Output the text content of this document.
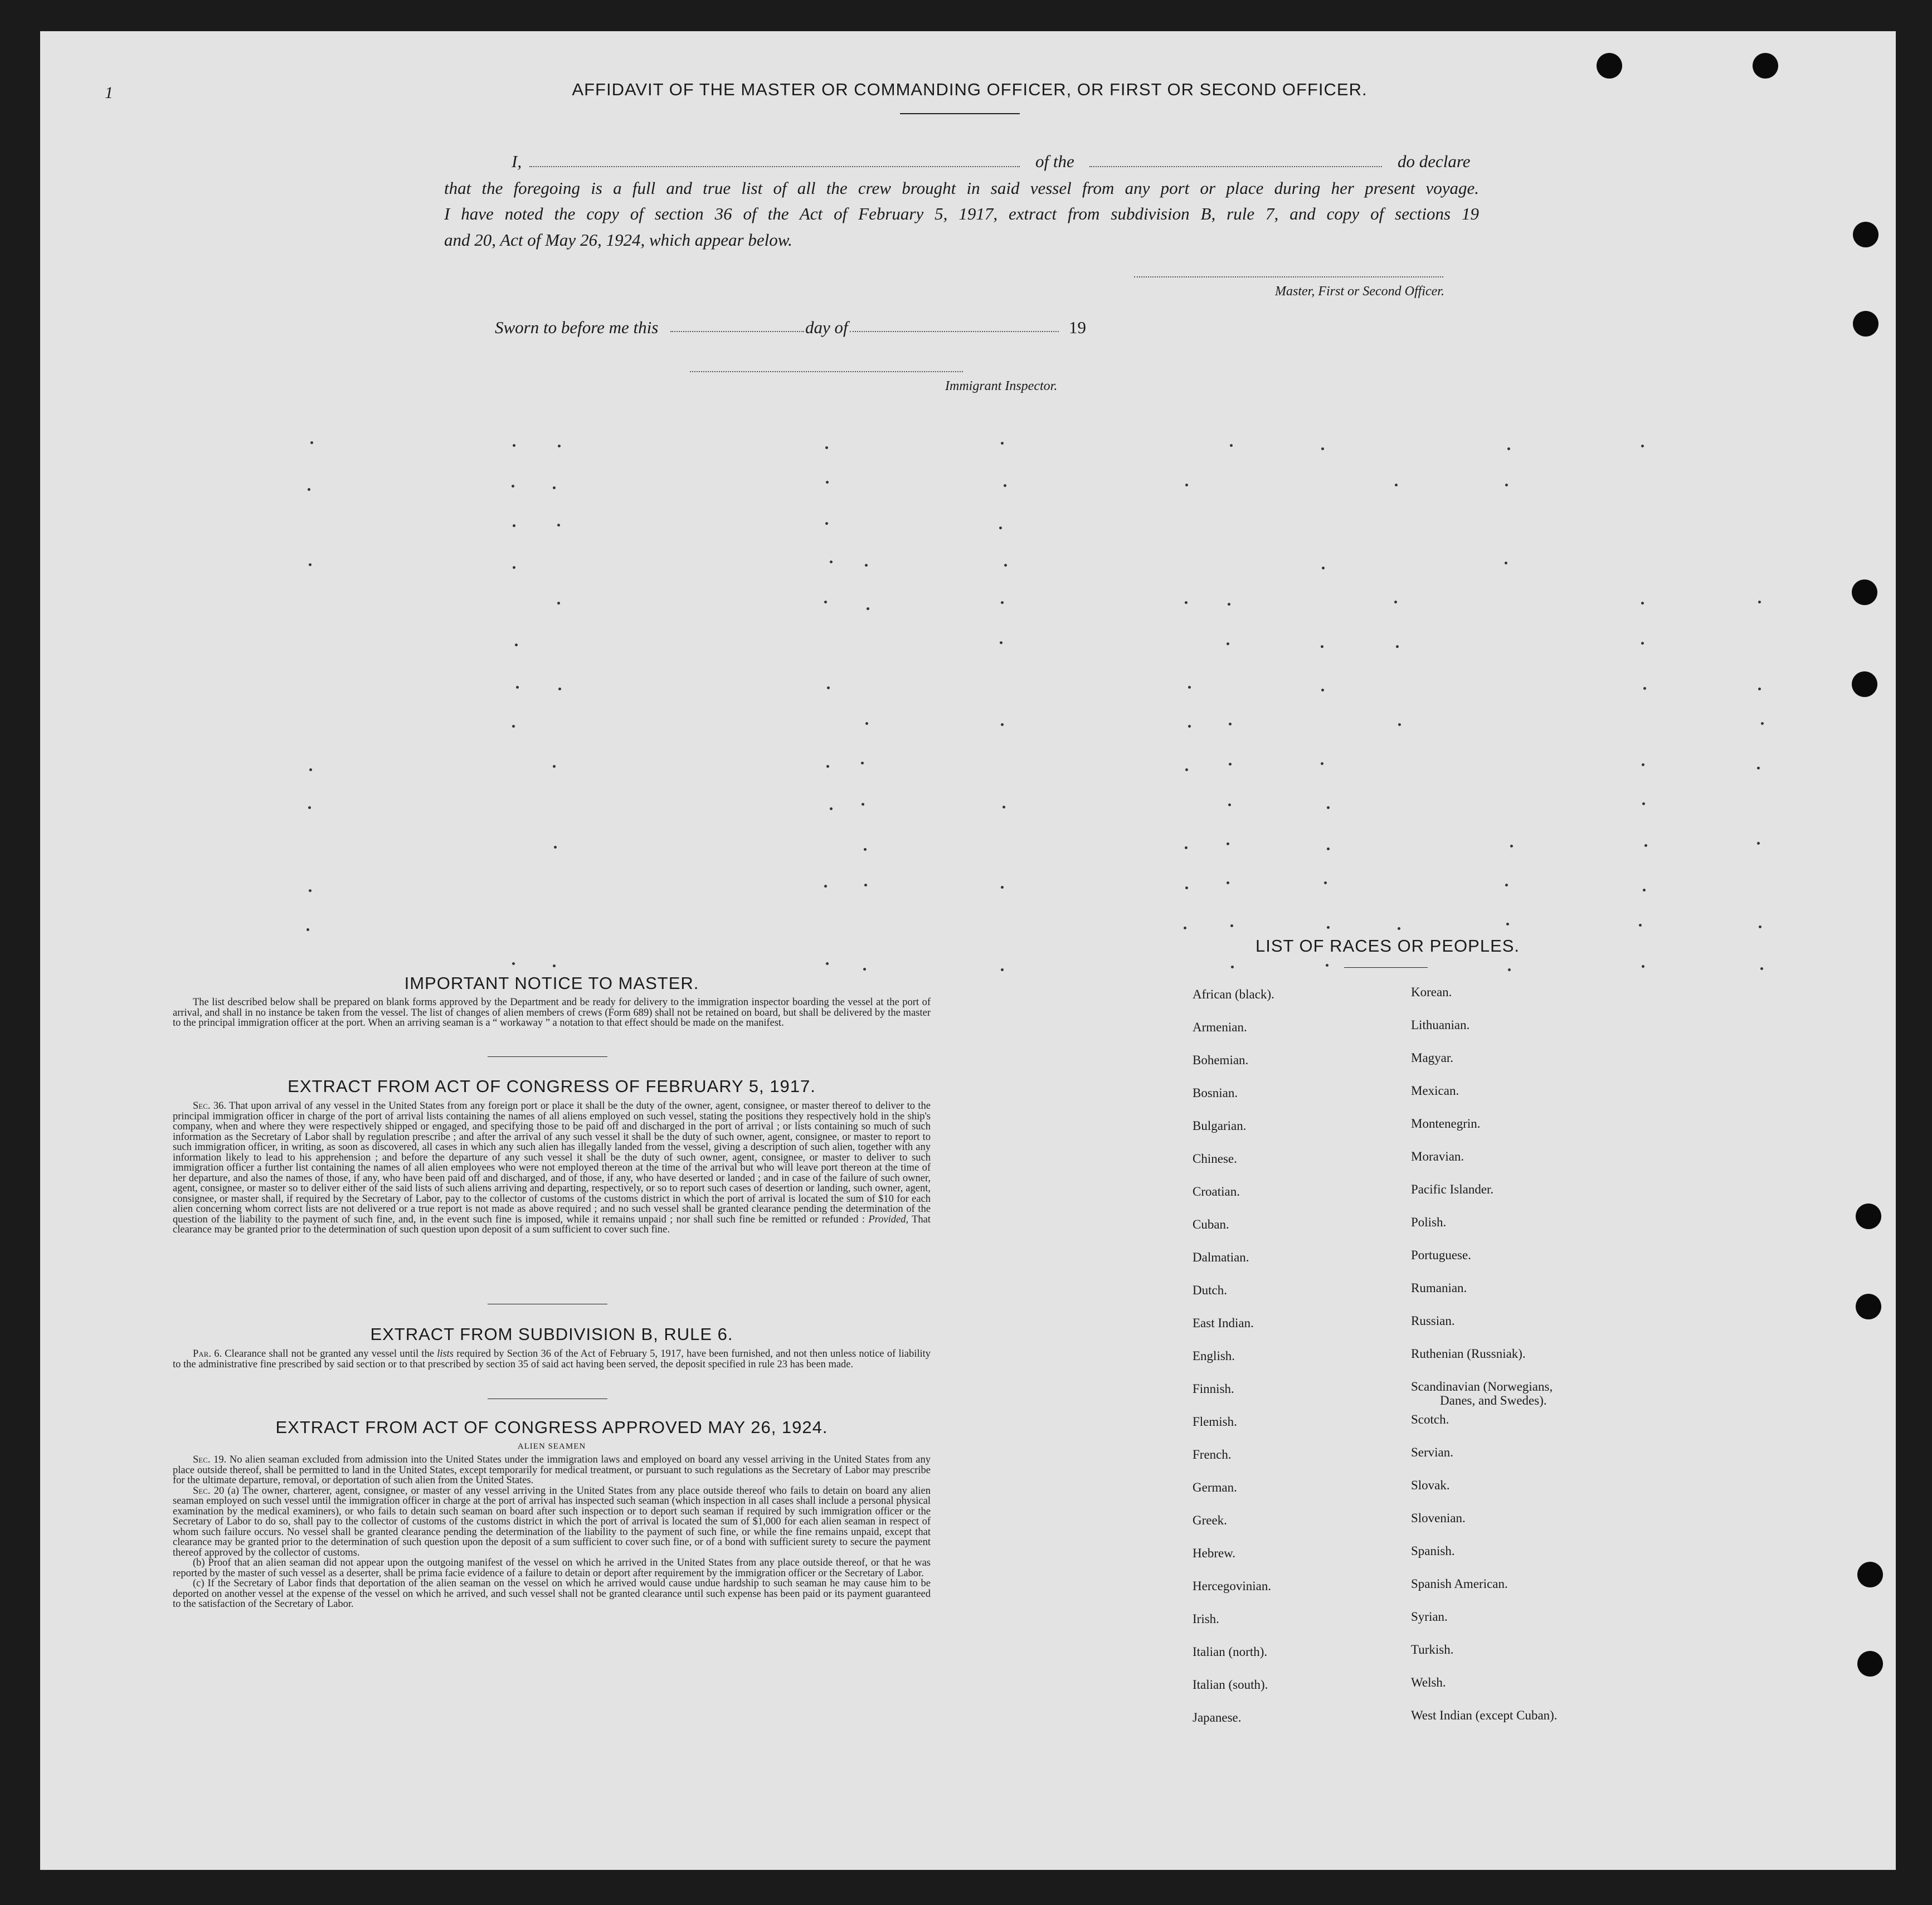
1	AFFIDAVIT OF THE MASTER OR COMMANDING OFFICER, OR FIRST OR SECOND OFFICER.
I,	of the	do declare
that the foregoing is a full and true list of all the crew brought in said vessel from any port or place during her present voyage.
I have noted the copy of section 36 of the Act of February 5, 1917, extract from subdivision B, rule 7, and copy of sections 19
and 20, Act of May 26, 1924, which appear below.
Master, First or Second Officer.
Sworn to before me this	day of	19
Immigrant Inspector.
IMPORTANT NOTICE TO MASTER.

The list described below shall be prepared on blank forms approved by the Department and be ready for delivery to the immigration inspector boarding the vessel at the port of arrival, and shall in no instance be taken from the vessel. The list of changes of alien members of crews (Form 689) shall not be retained on board, but shall be delivered by the master to the principal immigration officer at the port. When an arriving seaman is a “ workaway ” a notation to that effect should be made on the manifest.

EXTRACT FROM ACT OF CONGRESS OF FEBRUARY 5, 1917.

Sec. 36. That upon arrival of any vessel in the United States from any foreign port or place it shall be the duty of the owner, agent, consignee, or master thereof to deliver to the principal immigration officer in charge of the port of arrival lists containing the names of all aliens employed on such vessel, stating the positions they respectively hold in the ship's company, when and where they were respectively shipped or engaged, and specifying those to be paid off and discharged in the port of arrival ; or lists containing so much of such information as the Secretary of Labor shall by regulation prescribe ; and after the arrival of any such vessel it shall be the duty of such owner, agent, consignee, or master to report to such immigration officer, in writing, as soon as discovered, all cases in which any such alien has illegally landed from the vessel, giving a description of such alien, together with any information likely to lead to his apprehension ; and before the departure of any such vessel it shall be the duty of such owner, agent, consignee, or master to deliver to such immigration officer a further list containing the names of all alien employees who were not employed thereon at the time of the arrival but who will leave port thereon at the time of her departure, and also the names of those, if any, who have been paid off and discharged, and of those, if any, who have deserted or landed ; and in case of the failure of such owner, agent, consignee, or master so to deliver either of the said lists of such aliens arriving and departing, respectively, or so to report such cases of desertion or landing, such owner, agent, consignee, or master shall, if required by the Secretary of Labor, pay to the collector of customs of the customs district in which the port of arrival is located the sum of $10 for each alien concerning whom correct lists are not delivered or a true report is not made as above required ; and no such vessel shall be granted clearance pending the determination of the question of the liability to the payment of such fine, and, in the event such fine is imposed, while it remains unpaid ; nor shall such fine be remitted or refunded : Provided, That clearance may be granted prior to the determination of such question upon deposit of a sum sufficient to cover such fine.

EXTRACT FROM SUBDIVISION B, RULE 6.

Par. 6. Clearance shall not be granted any vessel until the lists required by Section 36 of the Act of February 5, 1917, have been furnished, and not then unless notice of liability to the administrative fine prescribed by said section or to that prescribed by section 35 of said act having been served, the deposit specified in rule 23 has been made.

EXTRACT FROM ACT OF CONGRESS APPROVED MAY 26, 1924.
ALIEN SEAMEN

Sec. 19. No alien seaman excluded from admission into the United States under the immigration laws and employed on board any vessel arriving in the United States from any place outside thereof, shall be permitted to land in the United States, except temporarily for medical treatment, or pursuant to such regulations as the Secretary of Labor may prescribe for the ultimate departure, removal, or deportation of such alien from the United States.

Sec. 20 (a) The owner, charterer, agent, consignee, or master of any vessel arriving in the United States from any place outside thereof who fails to detain on board any alien seaman employed on such vessel until the immigration officer in charge at the port of arrival has inspected such seaman (which inspection in all cases shall include a personal physical examination by the medical examiners), or who fails to detain such seaman on board after such inspection or to deport such seaman if required by such immigration officer or the Secretary of Labor to do so, shall pay to the collector of customs of the customs district in which the port of arrival is located the sum of $1,000 for each alien seaman in respect of whom such failure occurs. No vessel shall be granted clearance pending the determination of the liability to the payment of such fine, or while the fine remains unpaid, except that clearance may be granted prior to the determination of such question upon the deposit of a sum sufficient to cover such fine, or of a bond with sufficient surety to secure the payment thereof approved by the collector of customs.

(b) Proof that an alien seaman did not appear upon the outgoing manifest of the vessel on which he arrived in the United States from any place outside thereof, or that he was reported by the master of such vessel as a deserter, shall be prima facie evidence of a failure to detain or deport after requirement by the immigration officer or the Secretary of Labor.

(c) If the Secretary of Labor finds that deportation of the alien seaman on the vessel on which he arrived would cause undue hardship to such seaman he may cause him to be deported on another vessel at the expense of the vessel on which he arrived, and such vessel shall not be granted clearance until such expense has been paid or its payment guaranteed to the satisfaction of the Secretary of Labor.

LIST OF RACES OR PEOPLES.
African (black).
Armenian.
Bohemian.
Bosnian.
Bulgarian.
Chinese.
Croatian.
Cuban.
Dalmatian.
Dutch.
East Indian.
English.
Finnish.
Flemish.
French.
German.
Greek.
Hebrew.
Hercegovinian.
Irish.
Italian (north).
Italian (south).
Japanese.
Korean.
Lithuanian.
Magyar.
Mexican.
Montenegrin.
Moravian.
Pacific Islander.
Polish.
Portuguese.
Rumanian.
Russian.
Ruthenian (Russniak).
Scandinavian (Norwegians,
Danes, and Swedes).
Scotch.
Servian.
Slovak.
Slovenian.
Spanish.
Spanish American.
Syrian.
Turkish.
Welsh.
West Indian (except Cuban).
